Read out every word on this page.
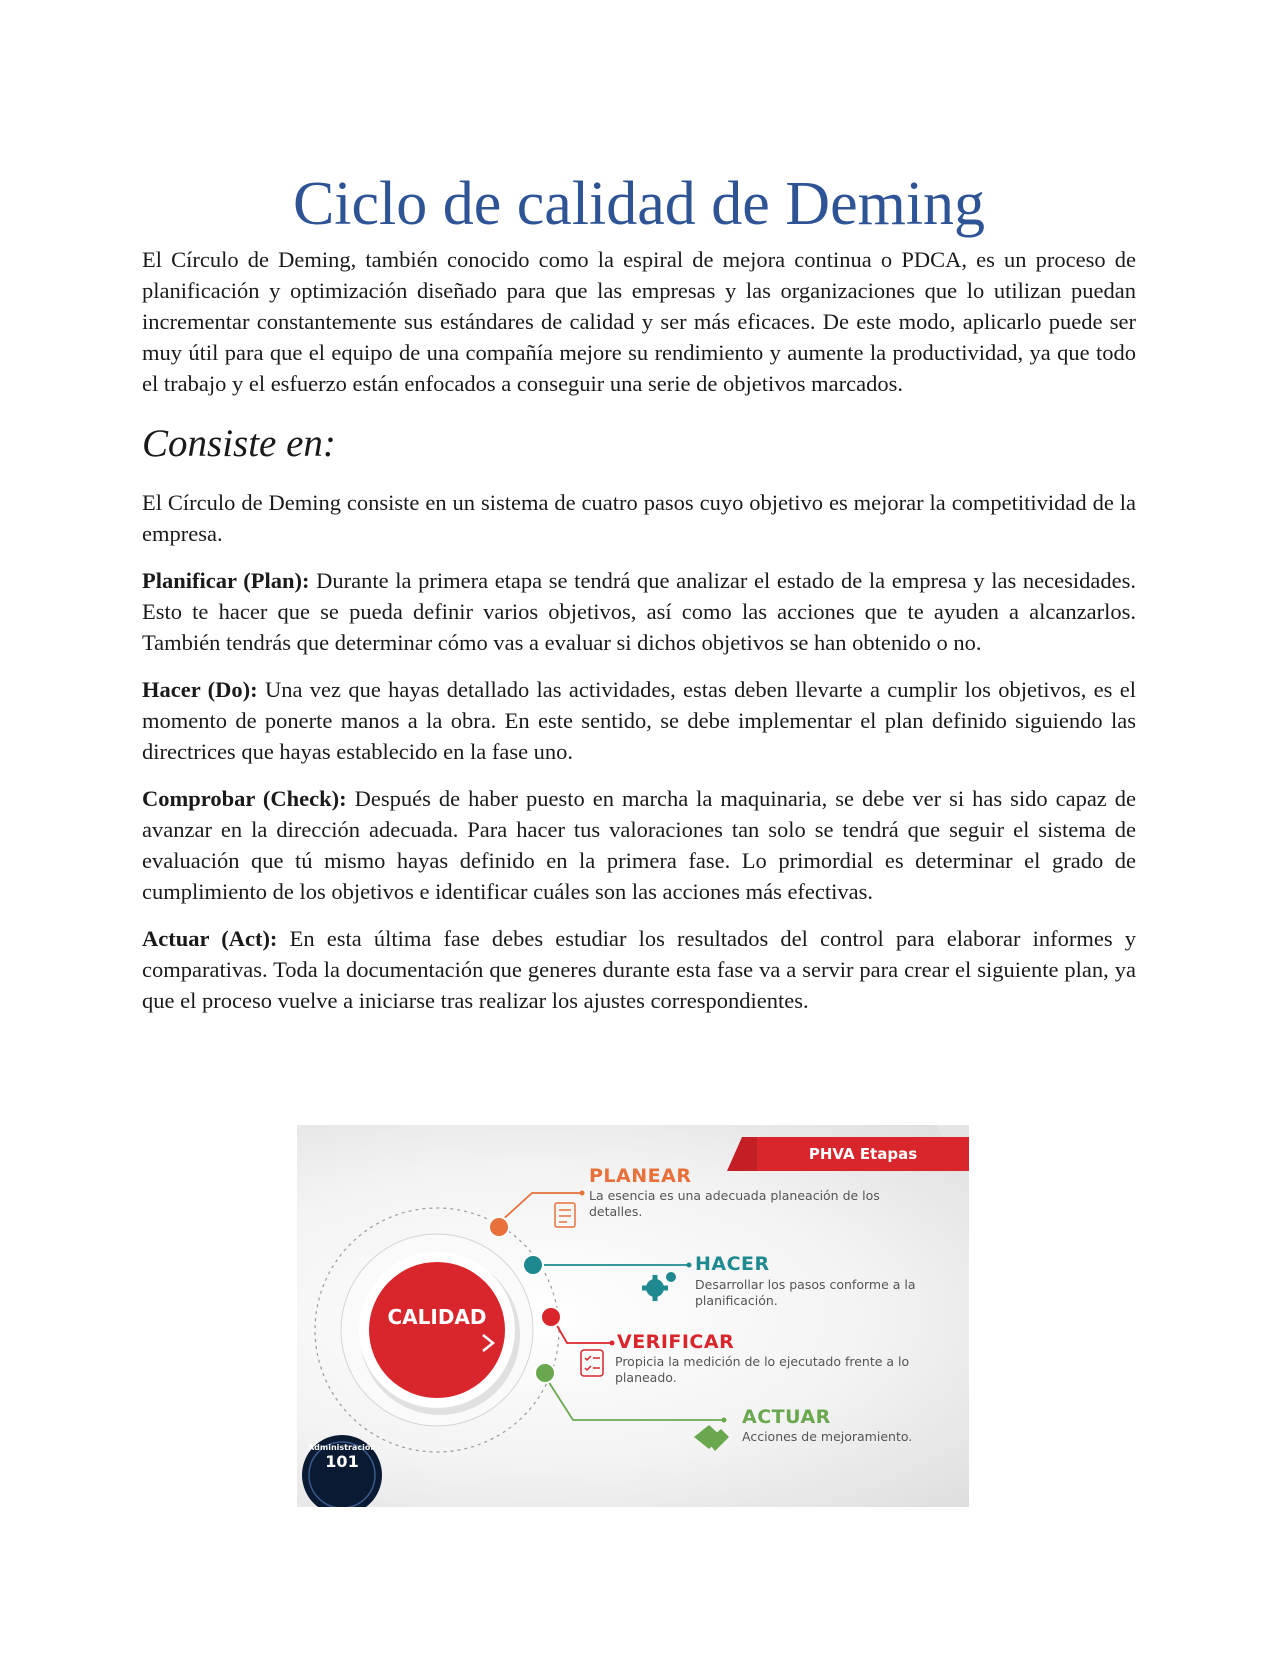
Ciclo de calidad de Deming

El Círculo de Deming, también conocido como la espiral de mejora continua o PDCA, es un proceso de planificación y optimización diseñado para que las empresas y las organizaciones que lo utilizan puedan incrementar constantemente sus estándares de calidad y ser más eficaces. De este modo, aplicarlo puede ser muy útil para que el equipo de una compañía mejore su rendimiento y aumente la productividad, ya que todo el trabajo y el esfuerzo están enfocados a conseguir una serie de objetivos marcados.

Consiste en:

El Círculo de Deming consiste en un sistema de cuatro pasos cuyo objetivo es mejorar la competitividad de la empresa.

Planificar (Plan): Durante la primera etapa se tendrá que analizar el estado de la empresa y las necesidades. Esto te hacer que se pueda definir varios objetivos, así como las acciones que te ayuden a alcanzarlos. También tendrás que determinar cómo vas a evaluar si dichos objetivos se han obtenido o no.

Hacer (Do): Una vez que hayas detallado las actividades, estas deben llevarte a cumplir los objetivos, es el momento de ponerte manos a la obra. En este sentido, se debe implementar el plan definido siguiendo las directrices que hayas establecido en la fase uno.

Comprobar (Check): Después de haber puesto en marcha la maquinaria, se debe ver si has sido capaz de avanzar en la dirección adecuada. Para hacer tus valoraciones tan solo se tendrá que seguir el sistema de evaluación que tú mismo hayas definido en la primera fase. Lo primordial es determinar el grado de cumplimiento de los objetivos e identificar cuáles son las acciones más efectivas.

Actuar (Act): En esta última fase debes estudiar los resultados del control para elaborar informes y comparativas. Toda la documentación que generes durante esta fase va a servir para crear el siguiente plan, ya que el proceso vuelve a iniciarse tras realizar los ajustes correspondientes.

PHVA Etapas
CALIDAD
PLANEAR
La esencia es una adecuada planeación de los detalles.
HACER
Desarrollar los pasos conforme a la planificación.
VERIFICAR
Propicia la medición de lo ejecutado frente a lo planeado.
ACTUAR
Acciones de mejoramiento.
Administración
101
